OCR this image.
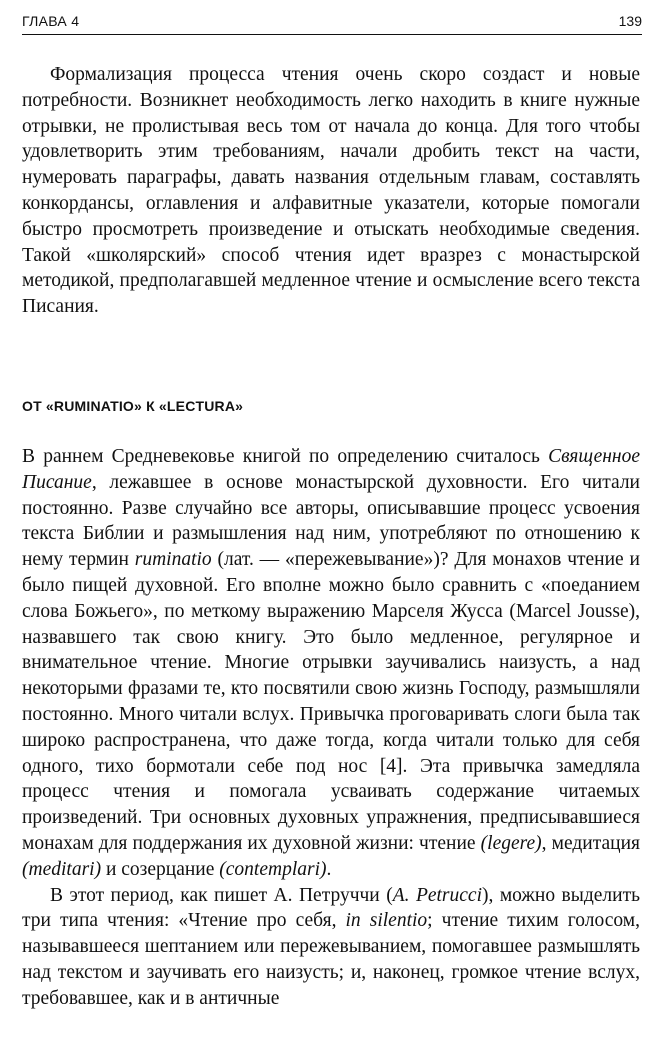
ГЛАВА 4	139

Формализация процесса чтения очень скоро создаст и новые потребности. Возникнет необходимость легко находить в книге нужные отрывки, не пролистывая весь том от начала до конца. Для того чтобы удовлетворить этим требованиям, начали дробить текст на части, нумеровать параграфы, давать названия отдельным главам, составлять конкордансы, оглавления и алфавитные указатели, которые помогали быстро просмотреть произведение и отыскать необходимые сведения. Такой «школярский» способ чтения идет вразрез с монастырской методикой, предполагавшей медленное чтение и осмысление всего текста Писания.

ОТ «RUMINATIO» К «LECTURA»

В раннем Средневековье книгой по определению считалось Священное Писание, лежавшее в основе монастырской духовности. Его читали постоянно. Разве случайно все авторы, описывавшие процесс усвоения текста Библии и размышления над ним, употребляют по отношению к нему термин ruminatio (лат. — «пережевывание»)? Для монахов чтение и было пищей духовной. Его вполне можно было сравнить с «поеданием слова Божьего», по меткому выражению Марселя Жусса (Marcel Jousse), назвавшего так свою книгу. Это было медленное, регулярное и внимательное чтение. Многие отрывки заучивались наизусть, а над некоторыми фразами те, кто посвятили свою жизнь Господу, размышляли постоянно. Много читали вслух. Привычка проговаривать слоги была так широко распространена, что даже тогда, когда читали только для себя одного, тихо бормотали себе под нос [4]. Эта привычка замедляла процесс чтения и помогала усваивать содержание читаемых произведений. Три основных духовных упражнения, предписывавшиеся монахам для поддержания их духовной жизни: чтение (legere), медитация (meditari) и созерцание (contemplari).

В этот период, как пишет А. Петруччи (A. Petrucci), можно выделить три типа чтения: «Чтение про себя, in silentio; чтение тихим голосом, называвшееся шептанием или пережевыванием, помогавшее размышлять над текстом и заучивать его наизусть; и, наконец, громкое чтение вслух, требовавшее, как и в античные
